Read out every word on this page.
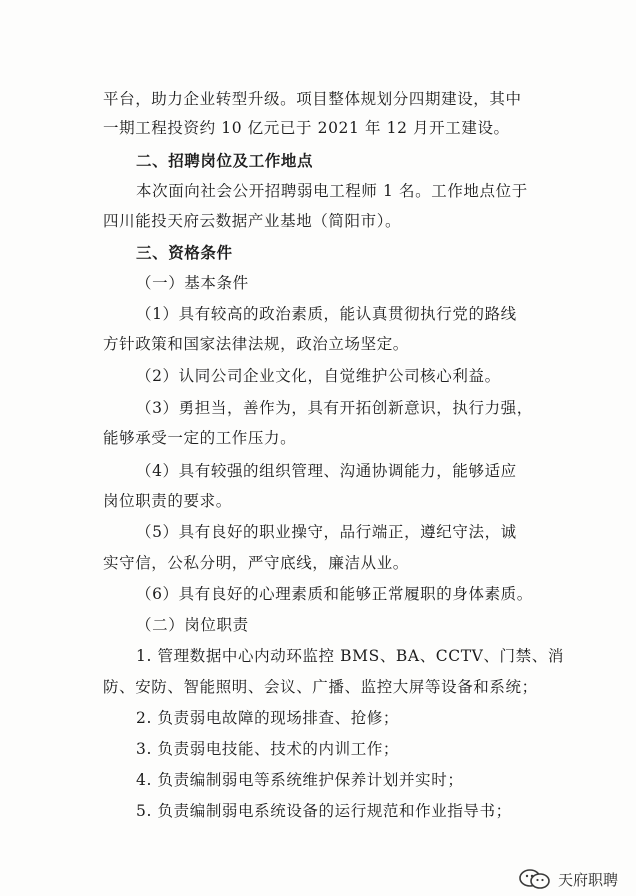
平台，助力企业转型升级。项目整体规划分四期建设，其中
一期工程投资约 10 亿元已于 2021 年 12 月开工建设。
二、招聘岗位及工作地点
本次面向社会公开招聘弱电工程师 1 名。工作地点位于
四川能投天府云数据产业基地（简阳市）。
三、资格条件
（一）基本条件
（1）具有较高的政治素质，能认真贯彻执行党的路线
方针政策和国家法律法规，政治立场坚定。
（2）认同公司企业文化，自觉维护公司核心利益。
（3）勇担当，善作为，具有开拓创新意识，执行力强，
能够承受一定的工作压力。
（4）具有较强的组织管理、沟通协调能力，能够适应
岗位职责的要求。
（5）具有良好的职业操守，品行端正，遵纪守法，诚
实守信，公私分明，严守底线，廉洁从业。
（6）具有良好的心理素质和能够正常履职的身体素质。
（二）岗位职责
1. 管理数据中心内动环监控 BMS、BA、CCTV、门禁、消
防、安防、智能照明、会议、广播、监控大屏等设备和系统；
2. 负责弱电故障的现场排查、抢修；
3. 负责弱电技能、技术的内训工作；
4. 负责编制弱电等系统维护保养计划并实时；
5. 负责编制弱电系统设备的运行规范和作业指导书；
天府职聘
